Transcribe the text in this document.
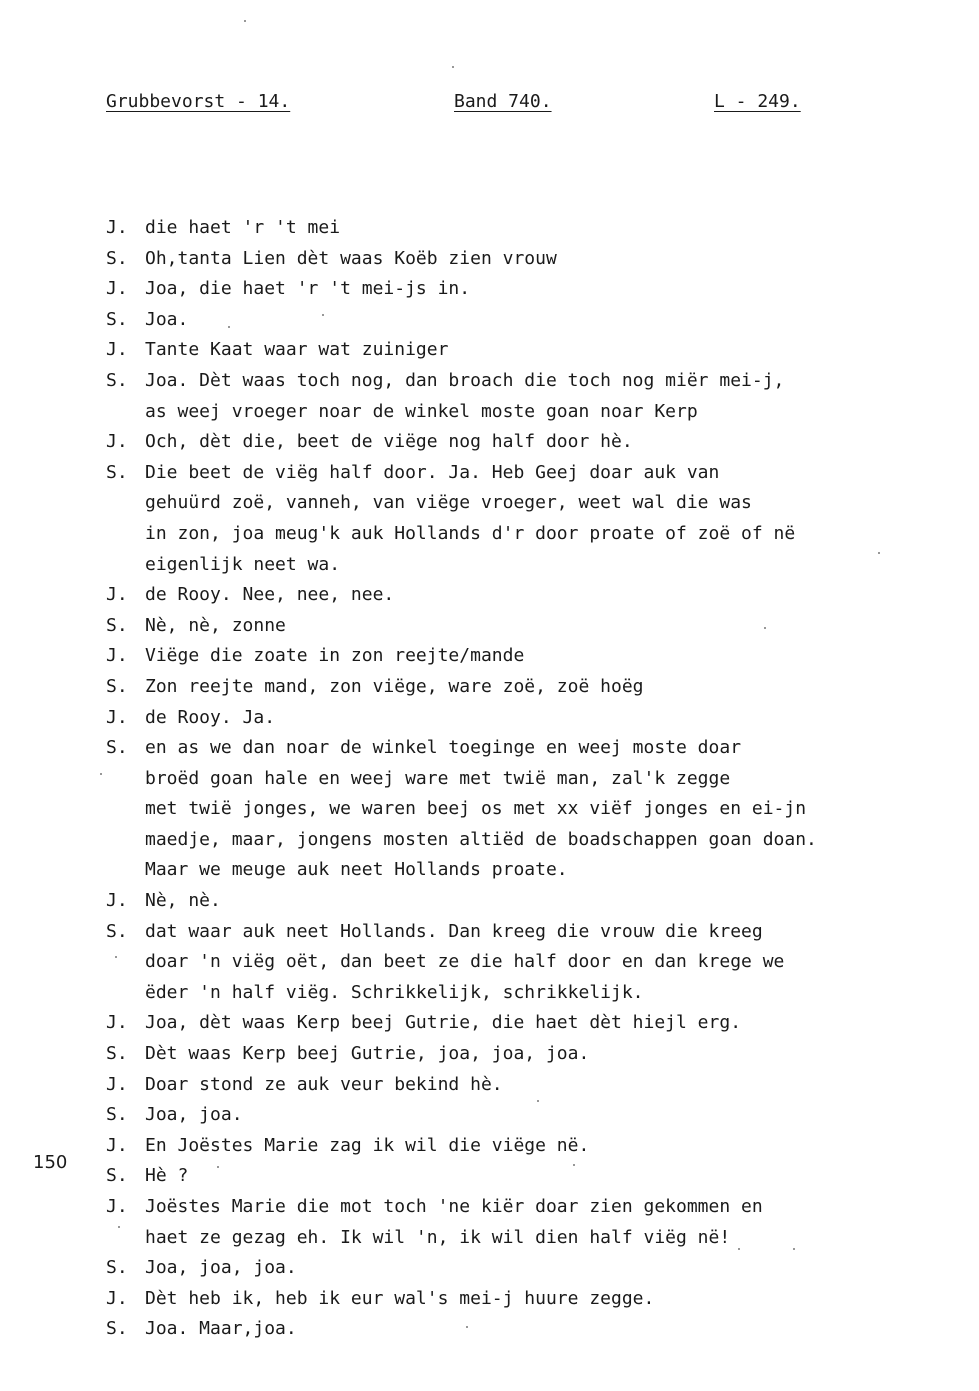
Grubbevorst - 14.	Band 740.	L - 249.
150
J. die haet 'r 't mei
S. Oh,tanta Lien dèt waas Koëb zien vrouw
J. Joa, die haet 'r 't mei-js in.
S. Joa.
J. Tante Kaat waar wat zuiniger
S. Joa. Dèt waas toch nog, dan broach die toch nog miër mei-j,
as weej vroeger noar de winkel moste goan noar Kerp
J. Och, dèt die, beet de viëge nog half door hè.
S. Die beet de viëg half door. Ja. Heb Geej doar auk van
gehuürd zoë, vanneh, van viëge vroeger, weet wal die was
in zon, joa meug'k auk Hollands d'r door proate of zoë of në
eigenlijk neet wa.
J. de Rooy. Nee, nee, nee.
S. Nè, nè, zonne
J. Viëge die zoate in zon reejte/mande
S. Zon reejte mand, zon viëge, ware zoë, zoë hoëg
J. de Rooy. Ja.
S. en as we dan noar de winkel toeginge en weej moste doar
broëd goan hale en weej ware met twië man, zal'k zegge
met twië jonges, we waren beej os met xx viëf jonges en ei-jn
maedje, maar, jongens mosten altiëd de boadschappen goan doan.
Maar we meuge auk neet Hollands proate.
J. Nè, nè.
S. dat waar auk neet Hollands. Dan kreeg die vrouw die kreeg
doar 'n viëg oët, dan beet ze die half door en dan krege we
ëder 'n half viëg. Schrikkelijk, schrikkelijk.
J. Joa, dèt waas Kerp beej Gutrie, die haet dèt hiejl erg.
S. Dèt waas Kerp beej Gutrie, joa, joa, joa.
J. Doar stond ze auk veur bekind hè.
S. Joa, joa.
J. En Joëstes Marie zag ik wil die viëge në.
S. Hè ?
J. Joëstes Marie die mot toch 'ne kiër doar zien gekommen en
haet ze gezag eh. Ik wil 'n, ik wil dien half viëg në!
S. Joa, joa, joa.
J. Dèt heb ik, heb ik eur wal's mei-j huure zegge.
S. Joa. Maar,joa.
